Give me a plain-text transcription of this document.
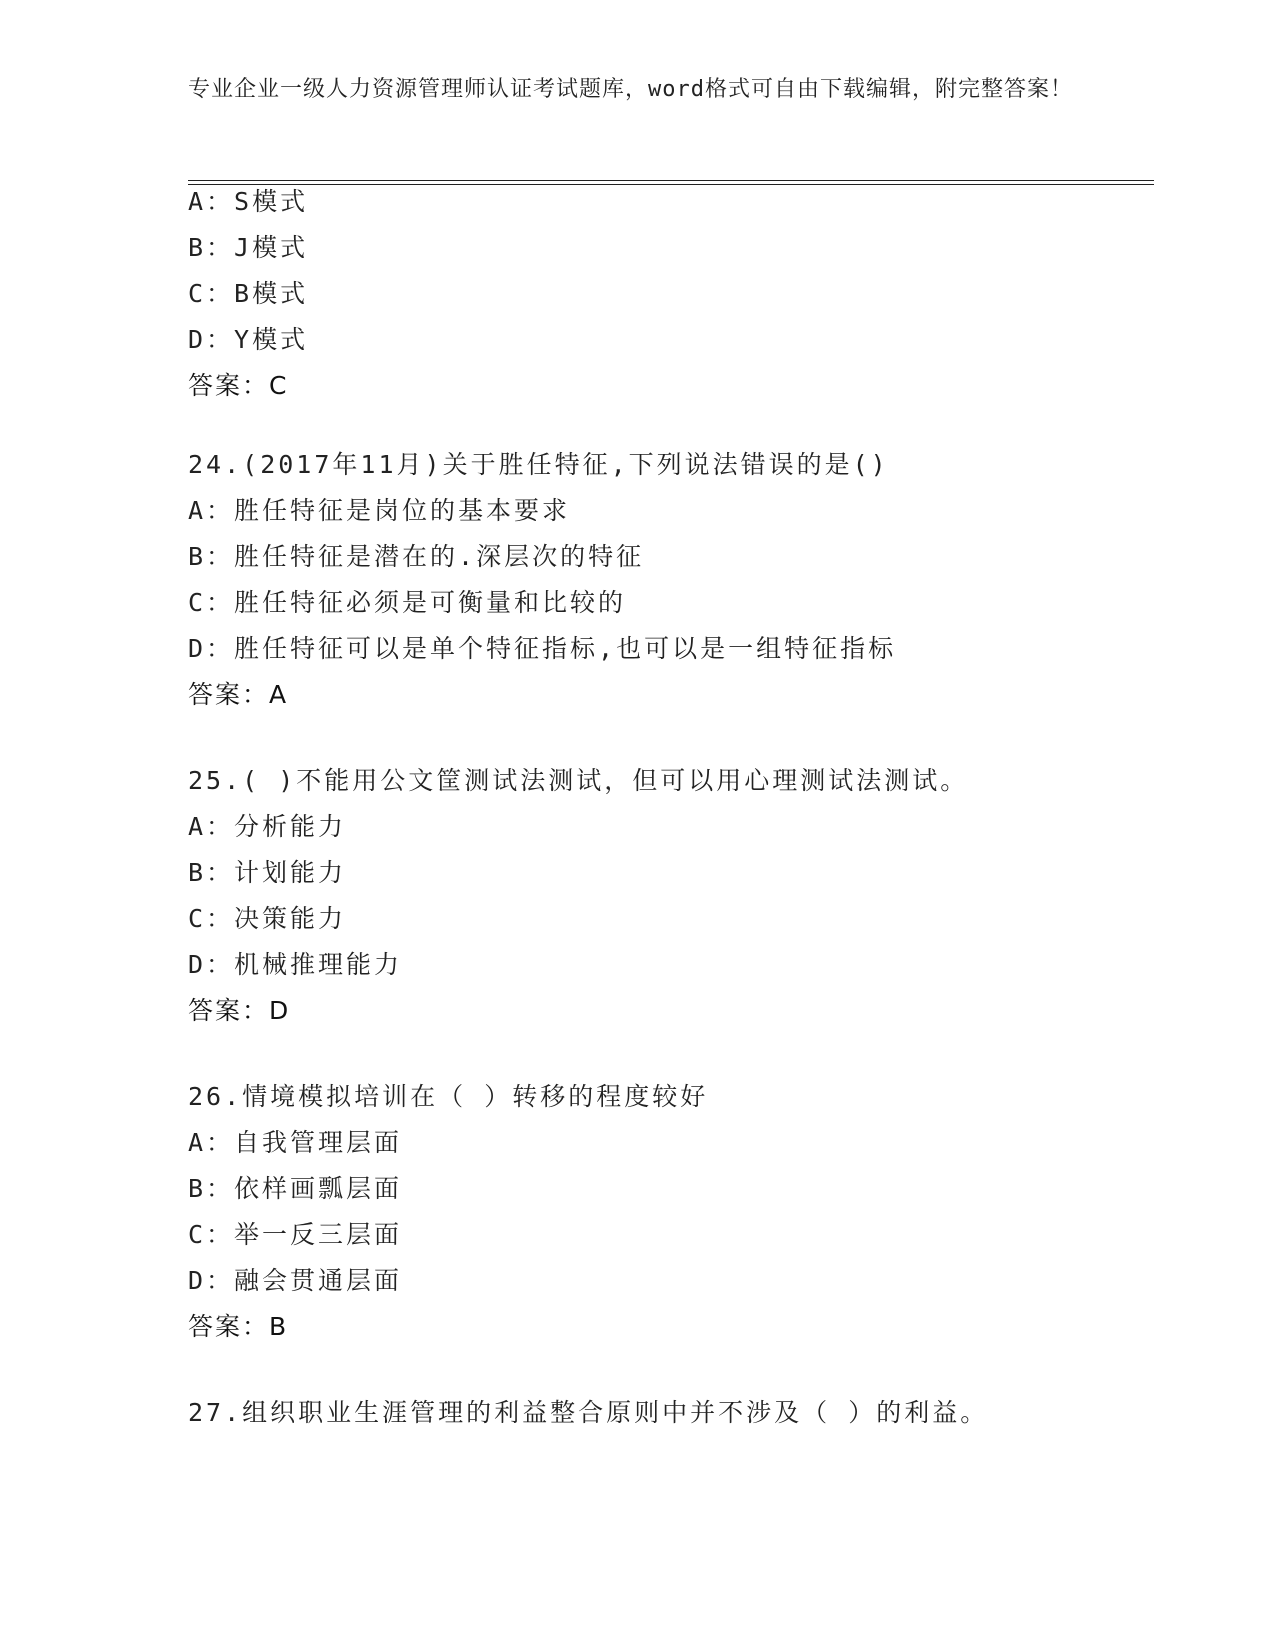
专业企业一级人力资源管理师认证考试题库，word格式可自由下载编辑，附完整答案！
A：S模式
B：J模式
C：B模式
D：Y模式
答案：C
24.(2017年11月)关于胜任特征,下列说法错误的是()
A：胜任特征是岗位的基本要求
B：胜任特征是潜在的.深层次的特征
C：胜任特征必须是可衡量和比较的
D：胜任特征可以是单个特征指标,也可以是一组特征指标
答案：A
25.( )不能用公文筐测试法测试，但可以用心理测试法测试。
A：分析能力
B：计划能力
C：决策能力
D：机械推理能力
答案：D
26.情境模拟培训在（ ）转移的程度较好
A：自我管理层面
B：依样画瓢层面
C：举一反三层面
D：融会贯通层面
答案：B
27.组织职业生涯管理的利益整合原则中并不涉及（ ）的利益。
